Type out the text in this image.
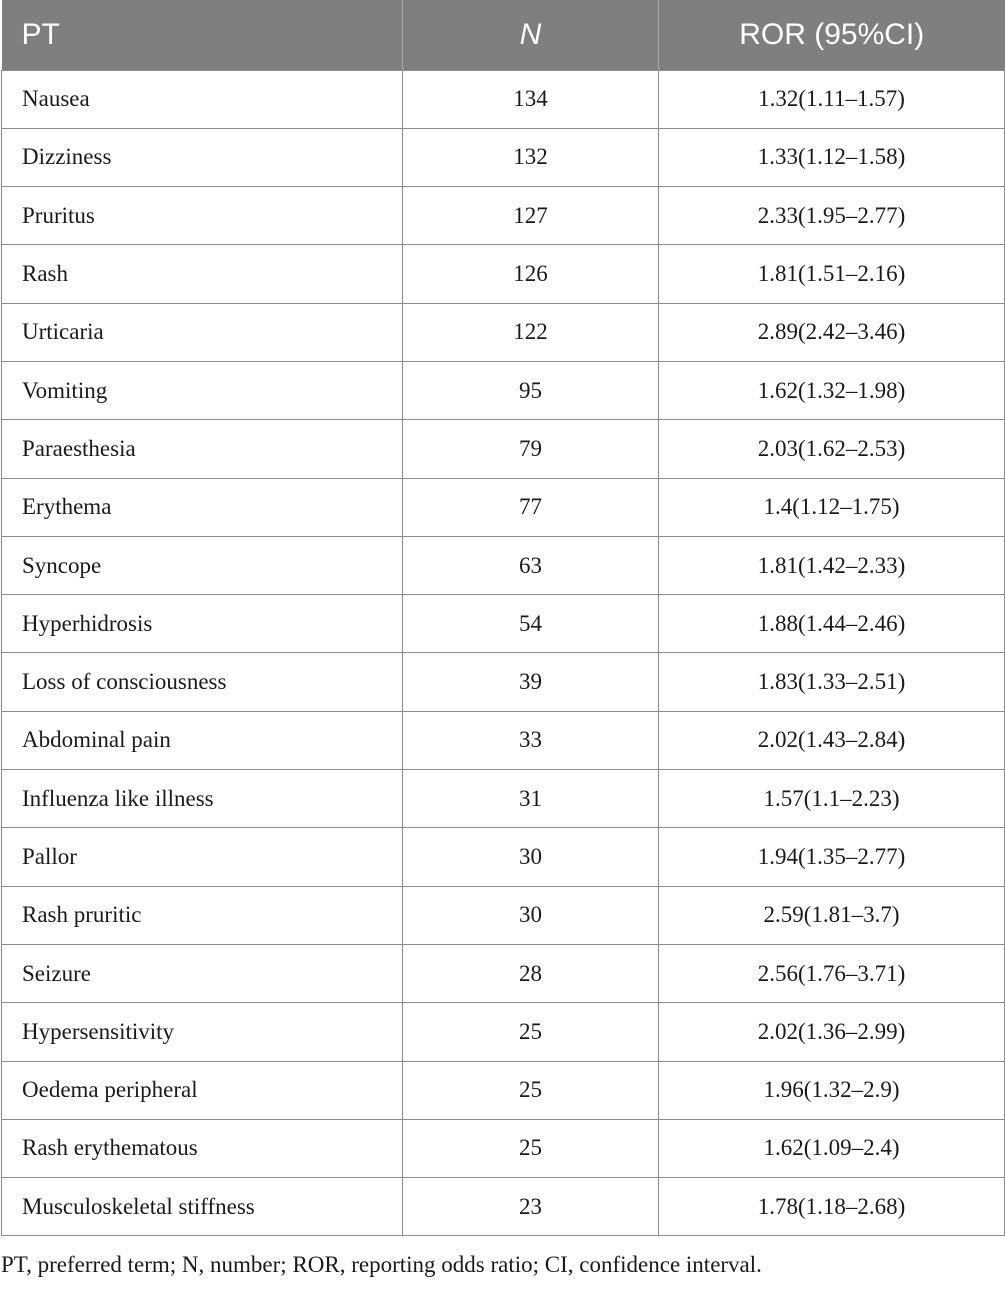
PT	N	ROR (95%CI)
Nausea	134	1.32(1.11–1.57)
Dizziness	132	1.33(1.12–1.58)
Pruritus	127	2.33(1.95–2.77)
Rash	126	1.81(1.51–2.16)
Urticaria	122	2.89(2.42–3.46)
Vomiting	95	1.62(1.32–1.98)
Paraesthesia	79	2.03(1.62–2.53)
Erythema	77	1.4(1.12–1.75)
Syncope	63	1.81(1.42–2.33)
Hyperhidrosis	54	1.88(1.44–2.46)
Loss of consciousness	39	1.83(1.33–2.51)
Abdominal pain	33	2.02(1.43–2.84)
Influenza like illness	31	1.57(1.1–2.23)
Pallor	30	1.94(1.35–2.77)
Rash pruritic	30	2.59(1.81–3.7)
Seizure	28	2.56(1.76–3.71)
Hypersensitivity	25	2.02(1.36–2.99)
Oedema peripheral	25	1.96(1.32–2.9)
Rash erythematous	25	1.62(1.09–2.4)
Musculoskeletal stiffness	23	1.78(1.18–2.68)
PT, preferred term; N, number; ROR, reporting odds ratio; CI, confidence interval.
